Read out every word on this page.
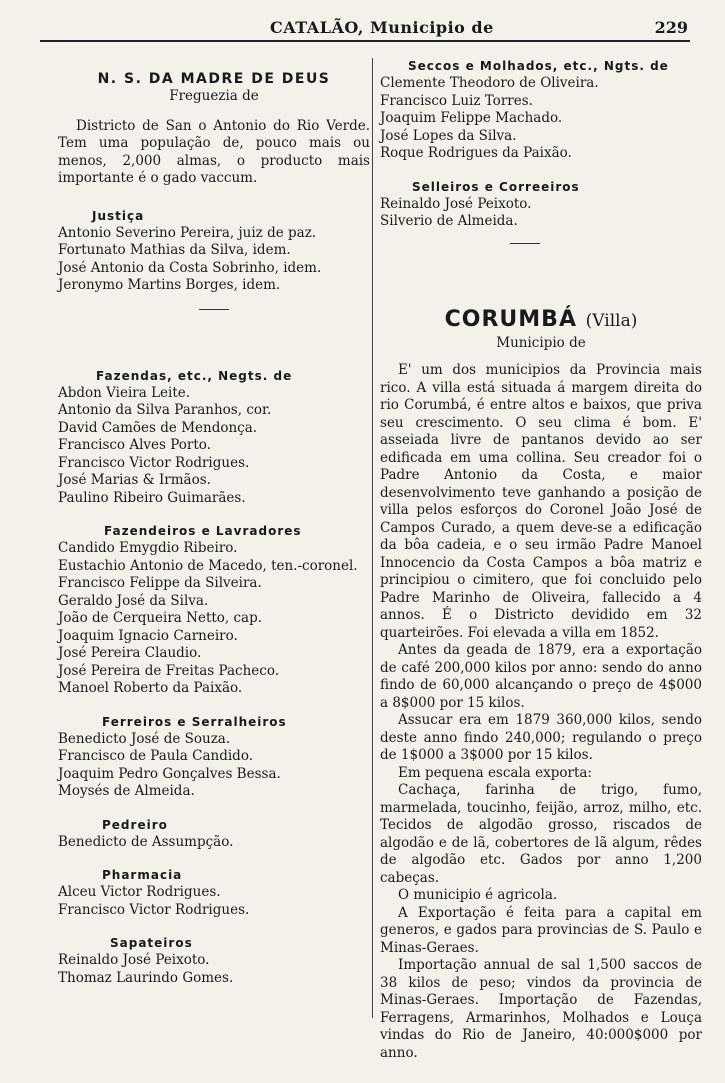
CATALÃO, Municipio de	229

N. S. DA MADRE DE DEUS

Freguezia de

Districto de San o Antonio do Rio Verde. Tem uma população de, pouco mais ou menos, 2,000 almas, o producto mais importante é o gado vaccum.

Justiça

Antonio Severino Pereira, juiz de paz.

Fortunato Mathias da Silva, idem.

José Antonio da Costa Sobrinho, idem.

Jeronymo Martins Borges, idem.

Fazendas, etc., Negts. de

Abdon Vieira Leite.

Antonio da Silva Paranhos, cor.

David Camões de Mendonça.

Francisco Alves Porto.

Francisco Victor Rodrigues.

José Marias & Irmãos.

Paulino Ribeiro Guimarães.

Fazendeiros e Lavradores

Candido Emygdio Ribeiro.

Eustachio Antonio de Macedo, ten.-coronel.

Francisco Felippe da Silveira.

Geraldo José da Silva.

João de Cerqueira Netto, cap.

Joaquim Ignacio Carneiro.

José Pereira Claudio.

José Pereira de Freitas Pacheco.

Manoel Roberto da Paixão.

Ferreiros e Serralheiros

Benedicto José de Souza.

Francisco de Paula Candido.

Joaquim Pedro Gonçalves Bessa.

Moysés de Almeida.

Pedreiro

Benedicto de Assumpção.

Pharmacia

Alceu Victor Rodrigues.

Francisco Victor Rodrigues.

Sapateiros

Reinaldo José Peixoto.

Thomaz Laurindo Gomes.

Seccos e Molhados, etc., Ngts. de

Clemente Theodoro de Oliveira.

Francisco Luiz Torres.

Joaquim Felippe Machado.

José Lopes da Silva.

Roque Rodrigues da Paixão.

Selleiros e Correeiros

Reinaldo José Peixoto.

Silverio de Almeida.

CORUMBÁ (Villa)

Municipio de

E' um dos municipios da Provincia mais rico. A villa está situada á margem direita do rio Corumbá, é entre altos e baixos, que priva seu crescimento. O seu clima é bom. E' asseiada livre de pantanos devido ao ser edificada em uma collina. Seu creador foi o Padre Antonio da Costa, e maior desenvolvimento teve ganhando a posição de villa pelos esforços do Coronel João José de Campos Curado, a quem deve-se a edificação da bôa cadeia, e o seu irmão Padre Manoel Innocencio da Costa Campos a bôa matriz e principiou o cimitero, que foi concluido pelo Padre Marinho de Oliveira, fallecido a 4 annos. É o Districto devidido em 32 quarteirões. Foi elevada a villa em 1852.

Antes da geada de 1879, era a exportação de café 200,000 kilos por anno: sendo do anno findo de 60,000 alcançando o preço de 4$000 a 8$000 por 15 kilos.

Assucar era em 1879 360,000 kilos, sendo deste anno findo 240,000; regulando o preço de 1$000 a 3$000 por 15 kilos.

Em pequena escala exporta:

Cachaça, farinha de trigo, fumo, marmelada, toucinho, feijão, arroz, milho, etc. Tecidos de algodão grosso, riscados de algodão e de lã, cobertores de lã algum, rêdes de algodão etc. Gados por anno 1,200 cabeças.

O municipio é agricola.

A Exportação é feita para a capital em generos, e gados para provincias de S. Paulo e Minas-Geraes.

Importação annual de sal 1,500 saccos de 38 kilos de peso; vindos da provincia de Minas-Geraes. Importação de Fazendas, Ferragens, Armarinhos, Molhados e Louça vindas do Rio de Janeiro, 40:000$000 por anno.
